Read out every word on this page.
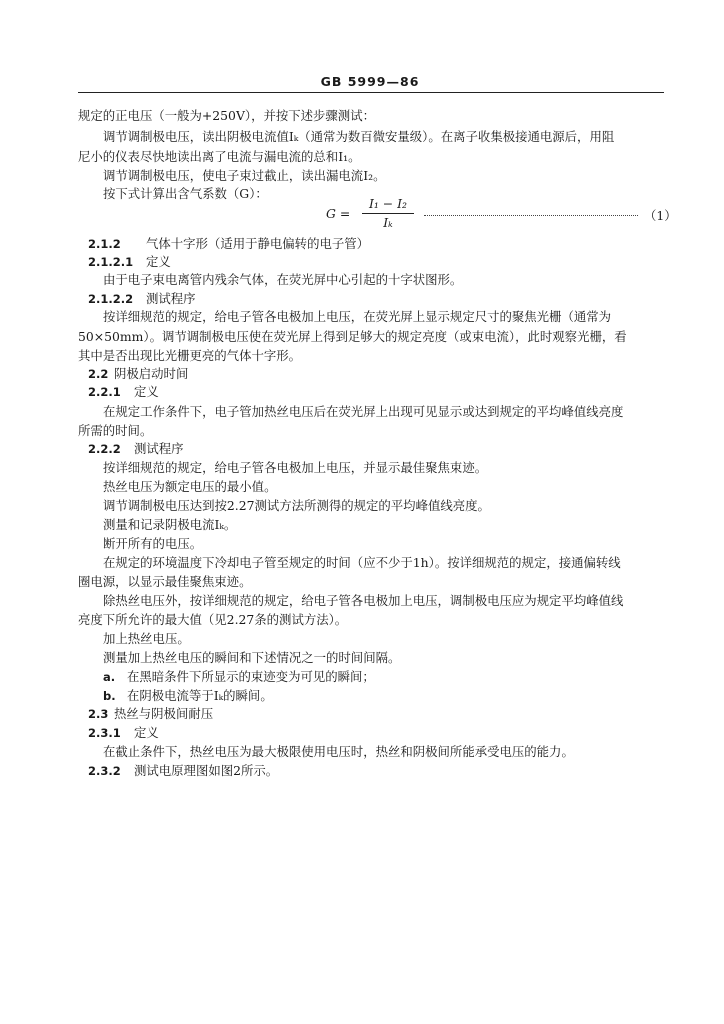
GB 5999—86
规定的正电压（一般为+250V），并按下述步骤测试：
调节调制极电压，读出阴极电流值Iₖ（通常为数百微安量级）。在离子收集极接通电源后，用阻
尼小的仪表尽快地读出离了电流与漏电流的总和I₁。
调节调制极电压，使电子束过截止，读出漏电流I₂。
按下式计算出含气系数（G）：
G =
I₁ − I₂
Iₖ	（1）
2.1.2 气体十字形（适用于静电偏转的电子管）
2.1.2.1 定义
由于电子束电离管内残余气体，在荧光屏中心引起的十字状图形。
2.1.2.2 测试程序
按详细规范的规定，给电子管各电极加上电压，在荧光屏上显示规定尺寸的聚焦光栅（通常为
50×50mm）。调节调制极电压使在荧光屏上得到足够大的规定亮度（或束电流），此时观察光栅，看
其中是否出现比光栅更亮的气体十字形。
2.2 阴极启动时间
2.2.1 定义
在规定工作条件下，电子管加热丝电压后在荧光屏上出现可见显示或达到规定的平均峰值线亮度
所需的时间。
2.2.2 测试程序
按详细规范的规定，给电子管各电极加上电压，并显示最佳聚焦束迹。
热丝电压为额定电压的最小值。
调节调制极电压达到按2.27测试方法所测得的规定的平均峰值线亮度。
测量和记录阴极电流Iₖ。
断开所有的电压。
在规定的环境温度下冷却电子管至规定的时间（应不少于1h）。按详细规范的规定，接通偏转线
圈电源，以显示最佳聚焦束迹。
除热丝电压外，按详细规范的规定，给电子管各电极加上电压，调制极电压应为规定平均峰值线
亮度下所允许的最大值（见2.27条的测试方法）。
加上热丝电压。
测量加上热丝电压的瞬间和下述情况之一的时间间隔。
a. 在黑暗条件下所显示的束迹变为可见的瞬间；
b. 在阴极电流等于Iₖ的瞬间。
2.3 热丝与阴极间耐压
2.3.1 定义
在截止条件下，热丝电压为最大极限使用电压时，热丝和阴极间所能承受电压的能力。
2.3.2 测试电原理图如图2所示。
